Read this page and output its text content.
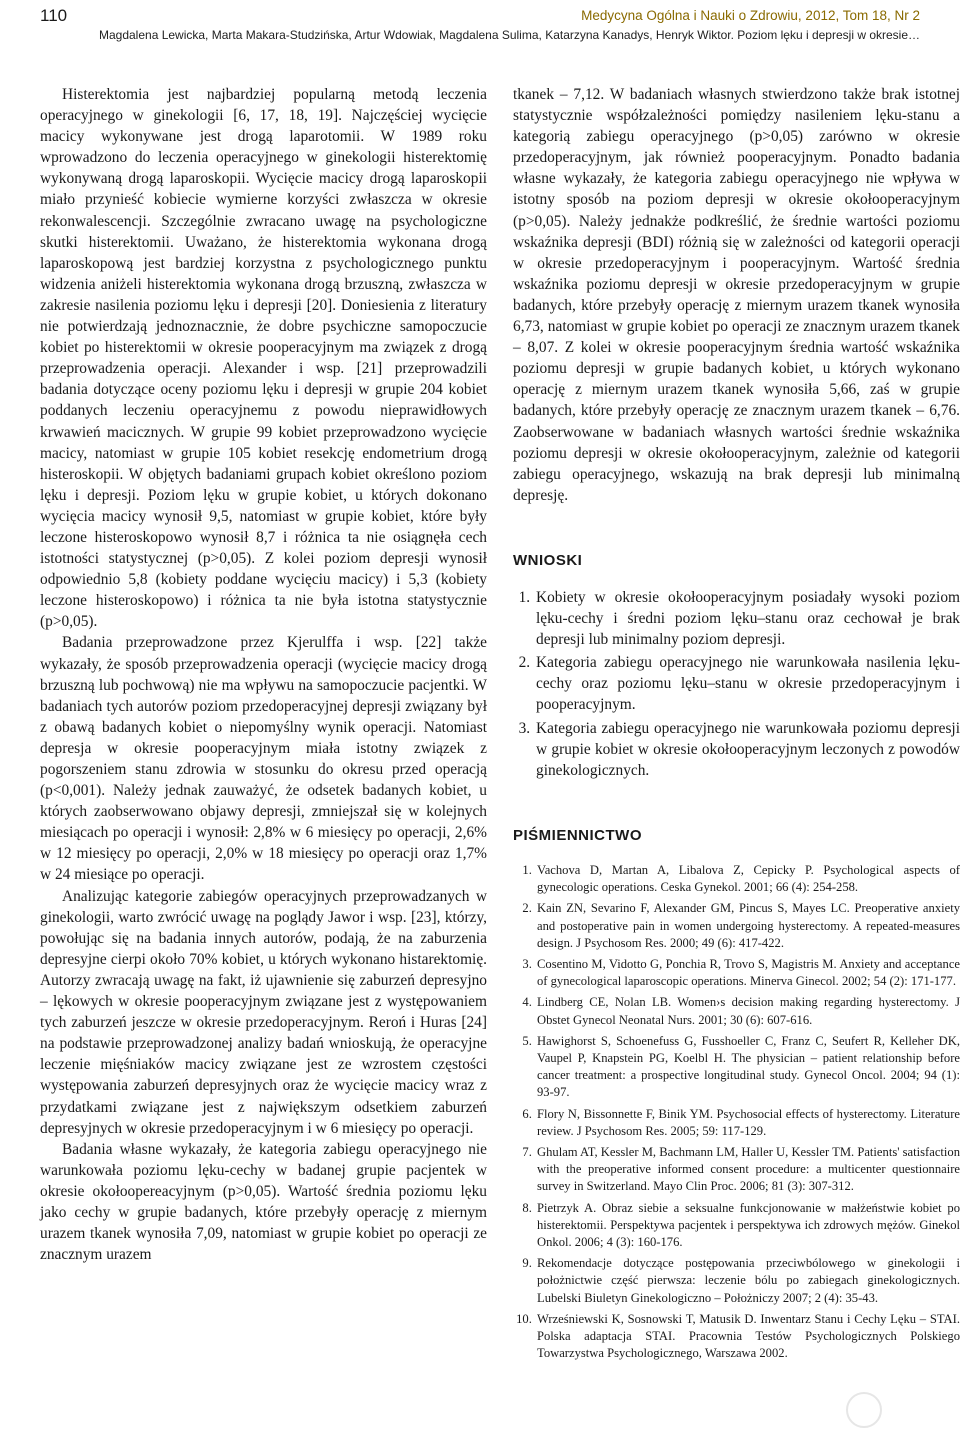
110	Medycyna Ogólna i Nauki o Zdrowiu, 2012, Tom 18, Nr 2
Magdalena Lewicka, Marta Makara-Studzińska, Artur Wdowiak, Magdalena Sulima, Katarzyna Kanadys, Henryk Wiktor. Poziom lęku i depresji w okresie…

Histerektomia jest najbardziej popularną metodą leczenia operacyjnego w ginekologii [6, 17, 18, 19]. Najczęściej wycięcie macicy wykonywane jest drogą laparotomii. W 1989 roku wprowadzono do leczenia operacyjnego w ginekologii histerektomię wykonywaną drogą laparoskopii. Wycięcie macicy drogą laparoskopii miało przynieść kobiecie wymierne korzyści zwłaszcza w okresie rekonwalescencji. Szczególnie zwracano uwagę na psychologiczne skutki histerektomii. Uważano, że histerektomia wykonana drogą laparoskopową jest bardziej korzystna z psychologicznego punktu widzenia aniżeli histerektomia wykonana drogą brzuszną, zwłaszcza w zakresie nasilenia poziomu lęku i depresji [20]. Doniesienia z literatury nie potwierdzają jednoznacznie, że dobre psychiczne samopoczucie kobiet po histerektomii w okresie pooperacyjnym ma związek z drogą przeprowadzenia operacji. Alexander i wsp. [21] przeprowadzili badania dotyczące oceny poziomu lęku i depresji w grupie 204 kobiet poddanych leczeniu operacyjnemu z powodu nieprawidłowych krwawień macicznych. W grupie 99 kobiet przeprowadzono wycięcie macicy, natomiast w grupie 105 kobiet resekcję endometrium drogą histeroskopii. W objętych badaniami grupach kobiet określono poziom lęku i depresji. Poziom lęku w grupie kobiet, u których dokonano wycięcia macicy wynosił 9,5, natomiast w grupie kobiet, które były leczone histeroskopowo wynosił 8,7 i różnica ta nie osiągnęła cech istotności statystycznej (p>0,05). Z kolei poziom depresji wynosił odpowiednio 5,8 (kobiety poddane wycięciu macicy) i 5,3 (kobiety leczone histeroskopowo) i różnica ta nie była istotna statystycznie (p>0,05).

Badania przeprowadzone przez Kjerulffa i wsp. [22] także wykazały, że sposób przeprowadzenia operacji (wycięcie macicy drogą brzuszną lub pochwową) nie ma wpływu na samopoczucie pacjentki. W badaniach tych autorów poziom przedoperacyjnej depresji związany był z obawą badanych kobiet o niepomyślny wynik operacji. Natomiast depresja w okresie pooperacyjnym miała istotny związek z pogorszeniem stanu zdrowia w stosunku do okresu przed operacją (p<0,001). Należy jednak zauważyć, że odsetek badanych kobiet, u których zaobserwowano objawy depresji, zmniejszał się w kolejnych miesiącach po operacji i wynosił: 2,8% w 6 miesięcy po operacji, 2,6% w 12 miesięcy po operacji, 2,0% w 18 miesięcy po operacji oraz 1,7% w 24 miesiące po operacji.

Analizując kategorie zabiegów operacyjnych przeprowadzanych w ginekologii, warto zwrócić uwagę na poglądy Jawor i wsp. [23], którzy, powołując się na badania innych autorów, podają, że na zaburzenia depresyjne cierpi około 70% kobiet, u których wykonano histarektomię. Autorzy zwracają uwagę na fakt, iż ujawnienie się zaburzeń depresyjno – lękowych w okresie pooperacyjnym związane jest z występowaniem tych zaburzeń jeszcze w okresie przedoperacyjnym. Reroń i Huras [24] na podstawie przeprowadzonej analizy badań wnioskują, że operacyjne leczenie mięśniaków macicy związane jest ze wzrostem częstości występowania zaburzeń depresyjnych oraz że wycięcie macicy wraz z przydatkami związane jest z największym odsetkiem zaburzeń depresyjnych w okresie przedoperacyjnym i w 6 miesięcy po operacji.

Badania własne wykazały, że kategoria zabiegu operacyjnego nie warunkowała poziomu lęku-cechy w badanej grupie pacjentek w okresie okołoopereacyjnym (p>0,05). Wartość średnia poziomu lęku jako cechy w grupie badanych, które przebyły operację z miernym urazem tkanek wynosiła 7,09, natomiast w grupie kobiet po operacji ze znacznym urazem

tkanek – 7,12. W badaniach własnych stwierdzono także brak istotnej statystycznie współzależności pomiędzy nasileniem lęku-stanu a kategorią zabiegu operacyjnego (p>0,05) zarówno w okresie przedoperacyjnym, jak również pooperacyjnym. Ponadto badania własne wykazały, że kategoria zabiegu operacyjnego nie wpływa w istotny sposób na poziom depresji w okresie okołooperacyjnym (p>0,05). Należy jednakże podkreślić, że średnie wartości poziomu wskaźnika depresji (BDI) różnią się w zależności od kategorii operacji w okresie przedoperacyjnym i pooperacyjnym. Wartość średnia wskaźnika poziomu depresji w okresie przedoperacyjnym w grupie badanych, które przebyły operację z miernym urazem tkanek wynosiła 6,73, natomiast w grupie kobiet po operacji ze znacznym urazem tkanek – 8,07. Z kolei w okresie pooperacyjnym średnia wartość wskaźnika poziomu depresji w grupie badanych kobiet, u których wykonano operację z miernym urazem tkanek wynosiła 5,66, zaś w grupie badanych, które przebyły operację ze znacznym urazem tkanek – 6,76. Zaobserwowane w badaniach własnych wartości średnie wskaźnika poziomu depresji w okresie okołooperacyjnym, zależnie od kategorii zabiegu operacyjnego, wskazują na brak depresji lub minimalną depresję.

WNIOSKI
1. Kobiety w okresie okołooperacyjnym posiadały wysoki poziom lęku-cechy i średni poziom lęku–stanu oraz cechował je brak depresji lub minimalny poziom depresji.
2. Kategoria zabiegu operacyjnego nie warunkowała nasilenia lęku-cechy oraz poziomu lęku–stanu w okresie przedoperacyjnym i pooperacyjnym.
3. Kategoria zabiegu operacyjnego nie warunkowała poziomu depresji w grupie kobiet w okresie okołooperacyjnym leczonych z powodów ginekologicznych.
PIŚMIENNICTWO
1. Vachova D, Martan A, Libalova Z, Cepicky P. Psychological aspects of gynecologic operations. Ceska Gynekol. 2001; 66 (4): 254-258.
2. Kain ZN, Sevarino F, Alexander GM, Pincus S, Mayes LC. Preoperative anxiety and postoperative pain in women undergoing hysterectomy. A repeated-measures design. J Psychosom Res. 2000; 49 (6): 417-422.
3. Cosentino M, Vidotto G, Ponchia R, Trovo S, Magistris M. Anxiety and acceptance of gynecological laparoscopic operations. Minerva Ginecol. 2002; 54 (2): 171-177.
4. Lindberg CE, Nolan LB. Women›s decision making regarding hysterectomy. J Obstet Gynecol Neonatal Nurs. 2001; 30 (6): 607-616.
5. Hawighorst S, Schoenefuss G, Fusshoeller C, Franz C, Seufert R, Kelleher DK, Vaupel P, Knapstein PG, Koelbl H. The physician – patient relationship before cancer treatment: a prospective longitudinal study. Gynecol Oncol. 2004; 94 (1): 93-97.
6. Flory N, Bissonnette F, Binik YM. Psychosocial effects of hysterectomy. Literature review. J Psychosom Res. 2005; 59: 117-129.
7. Ghulam AT, Kessler M, Bachmann LM, Haller U, Kessler TM. Patients' satisfaction with the preoperative informed consent procedure: a multicenter questionnaire survey in Switzerland. Mayo Clin Proc. 2006; 81 (3): 307-312.
8. Pietrzyk A. Obraz siebie a seksualne funkcjonowanie w małżeństwie kobiet po histerektomii. Perspektywa pacjentek i perspektywa ich zdrowych mężów. Ginekol Onkol. 2006; 4 (3): 160-176.
9. Rekomendacje dotyczące postępowania przeciwbólowego w ginekologii i położnictwie część pierwsza: leczenie bólu po zabiegach ginekologicznych. Lubelski Biuletyn Ginekologiczno – Położniczy 2007; 2 (4): 35-43.
10. Wrześniewski K, Sosnowski T, Matusik D. Inwentarz Stanu i Cechy Lęku – STAI. Polska adaptacja STAI. Pracownia Testów Psychologicznych Polskiego Towarzystwa Psychologicznego, Warszawa 2002.
